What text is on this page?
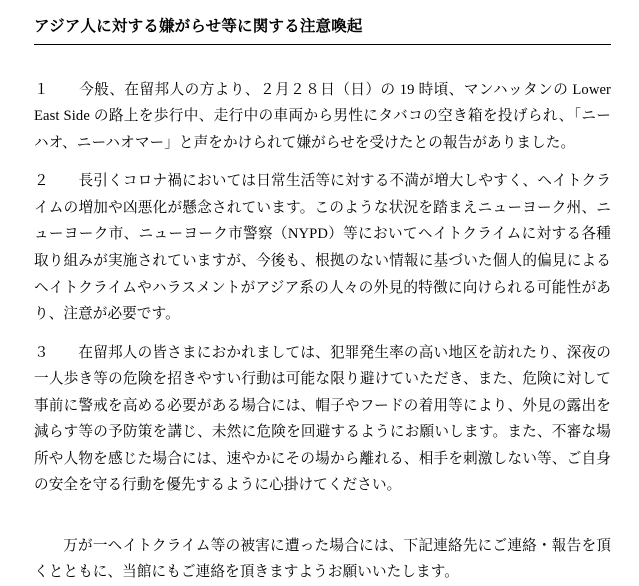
アジア人に対する嫌がらせ等に関する注意喚起

１　　今般、在留邦人の方より、２月２８日（日）の 19 時頃、マンハッタンの Lower East Side の路上を歩行中、走行中の車両から男性にタバコの空き箱を投げられ、「ニーハオ、ニーハオマー」と声をかけられて嫌がらせを受けたとの報告がありました。

２　　長引くコロナ禍においては日常生活等に対する不満が増大しやすく、ヘイトクライムの増加や凶悪化が懸念されています。このような状況を踏まえニューヨーク州、ニューヨーク市、ニューヨーク市警察（NYPD）等においてヘイトクライムに対する各種取り組みが実施されていますが、今後も、根拠のない情報に基づいた個人的偏見によるヘイトクライムやハラスメントがアジア系の人々の外見的特徴に向けられる可能性があり、注意が必要です。

３　　在留邦人の皆さまにおかれましては、犯罪発生率の高い地区を訪れたり、深夜の一人歩き等の危険を招きやすい行動は可能な限り避けていただき、また、危険に対して事前に警戒を高める必要がある場合には、帽子やフードの着用等により、外見の露出を減らす等の予防策を講じ、未然に危険を回避するようにお願いします。また、不審な場所や人物を感じた場合には、速やかにその場から離れる、相手を刺激しない等、ご自身の安全を守る行動を優先するように心掛けてください。

万が一ヘイトクライム等の被害に遭った場合には、下記連絡先にご連絡・報告を頂くとともに、当館にもご連絡を頂きますようお願いいたします。
